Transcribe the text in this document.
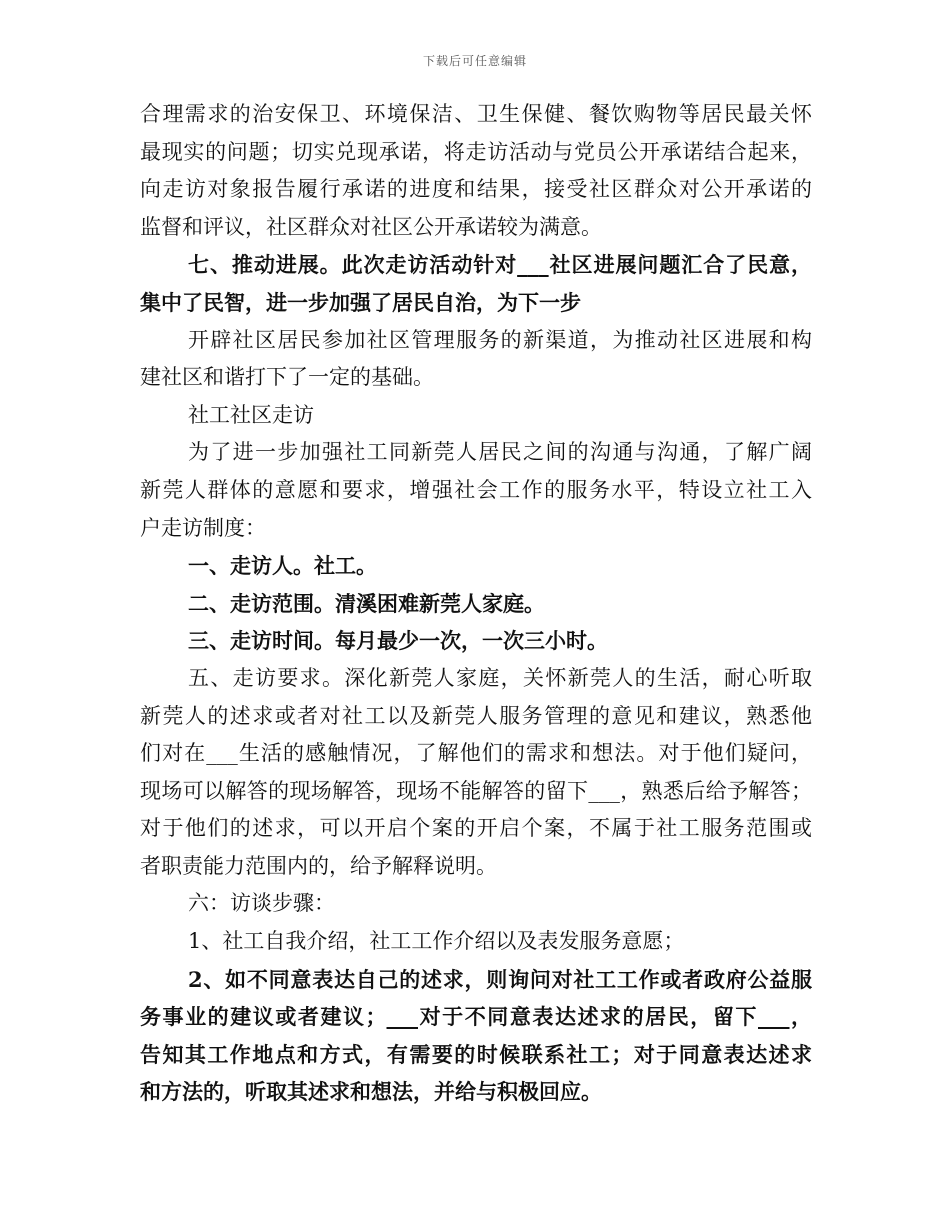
下载后可任意编辑
合理需求的治安保卫、环境保洁、卫生保健、餐饮购物等居民最关怀
最现实的问题；切实兑现承诺，将走访活动与党员公开承诺结合起来，
向走访对象报告履行承诺的进度和结果，接受社区群众对公开承诺的
监督和评议，社区群众对社区公开承诺较为满意。
七、推动进展。此次走访活动针对___社区进展问题汇合了民意，
集中了民智，进一步加强了居民自治，为下一步
开辟社区居民参加社区管理服务的新渠道，为推动社区进展和构
建社区和谐打下了一定的基础。
社工社区走访
为了进一步加强社工同新莞人居民之间的沟通与沟通，了解广阔
新莞人群体的意愿和要求，增强社会工作的服务水平，特设立社工入
户走访制度：
一、走访人。社工。
二、走访范围。清溪困难新莞人家庭。
三、走访时间。每月最少一次，一次三小时。
五、走访要求。深化新莞人家庭，关怀新莞人的生活，耐心听取
新莞人的述求或者对社工以及新莞人服务管理的意见和建议，熟悉他
们对在___生活的感触情况，了解他们的需求和想法。对于他们疑问，
现场可以解答的现场解答，现场不能解答的留下___，熟悉后给予解答；
对于他们的述求，可以开启个案的开启个案，不属于社工服务范围或
者职责能力范围内的，给予解释说明。
六：访谈步骤：
1、社工自我介绍，社工工作介绍以及表发服务意愿；
2、如不同意表达自己的述求，则询问对社工工作或者政府公益服
务事业的建议或者建议；___对于不同意表达述求的居民，留下___，
告知其工作地点和方式，有需要的时候联系社工；对于同意表达述求
和方法的，听取其述求和想法，并给与积极回应。
